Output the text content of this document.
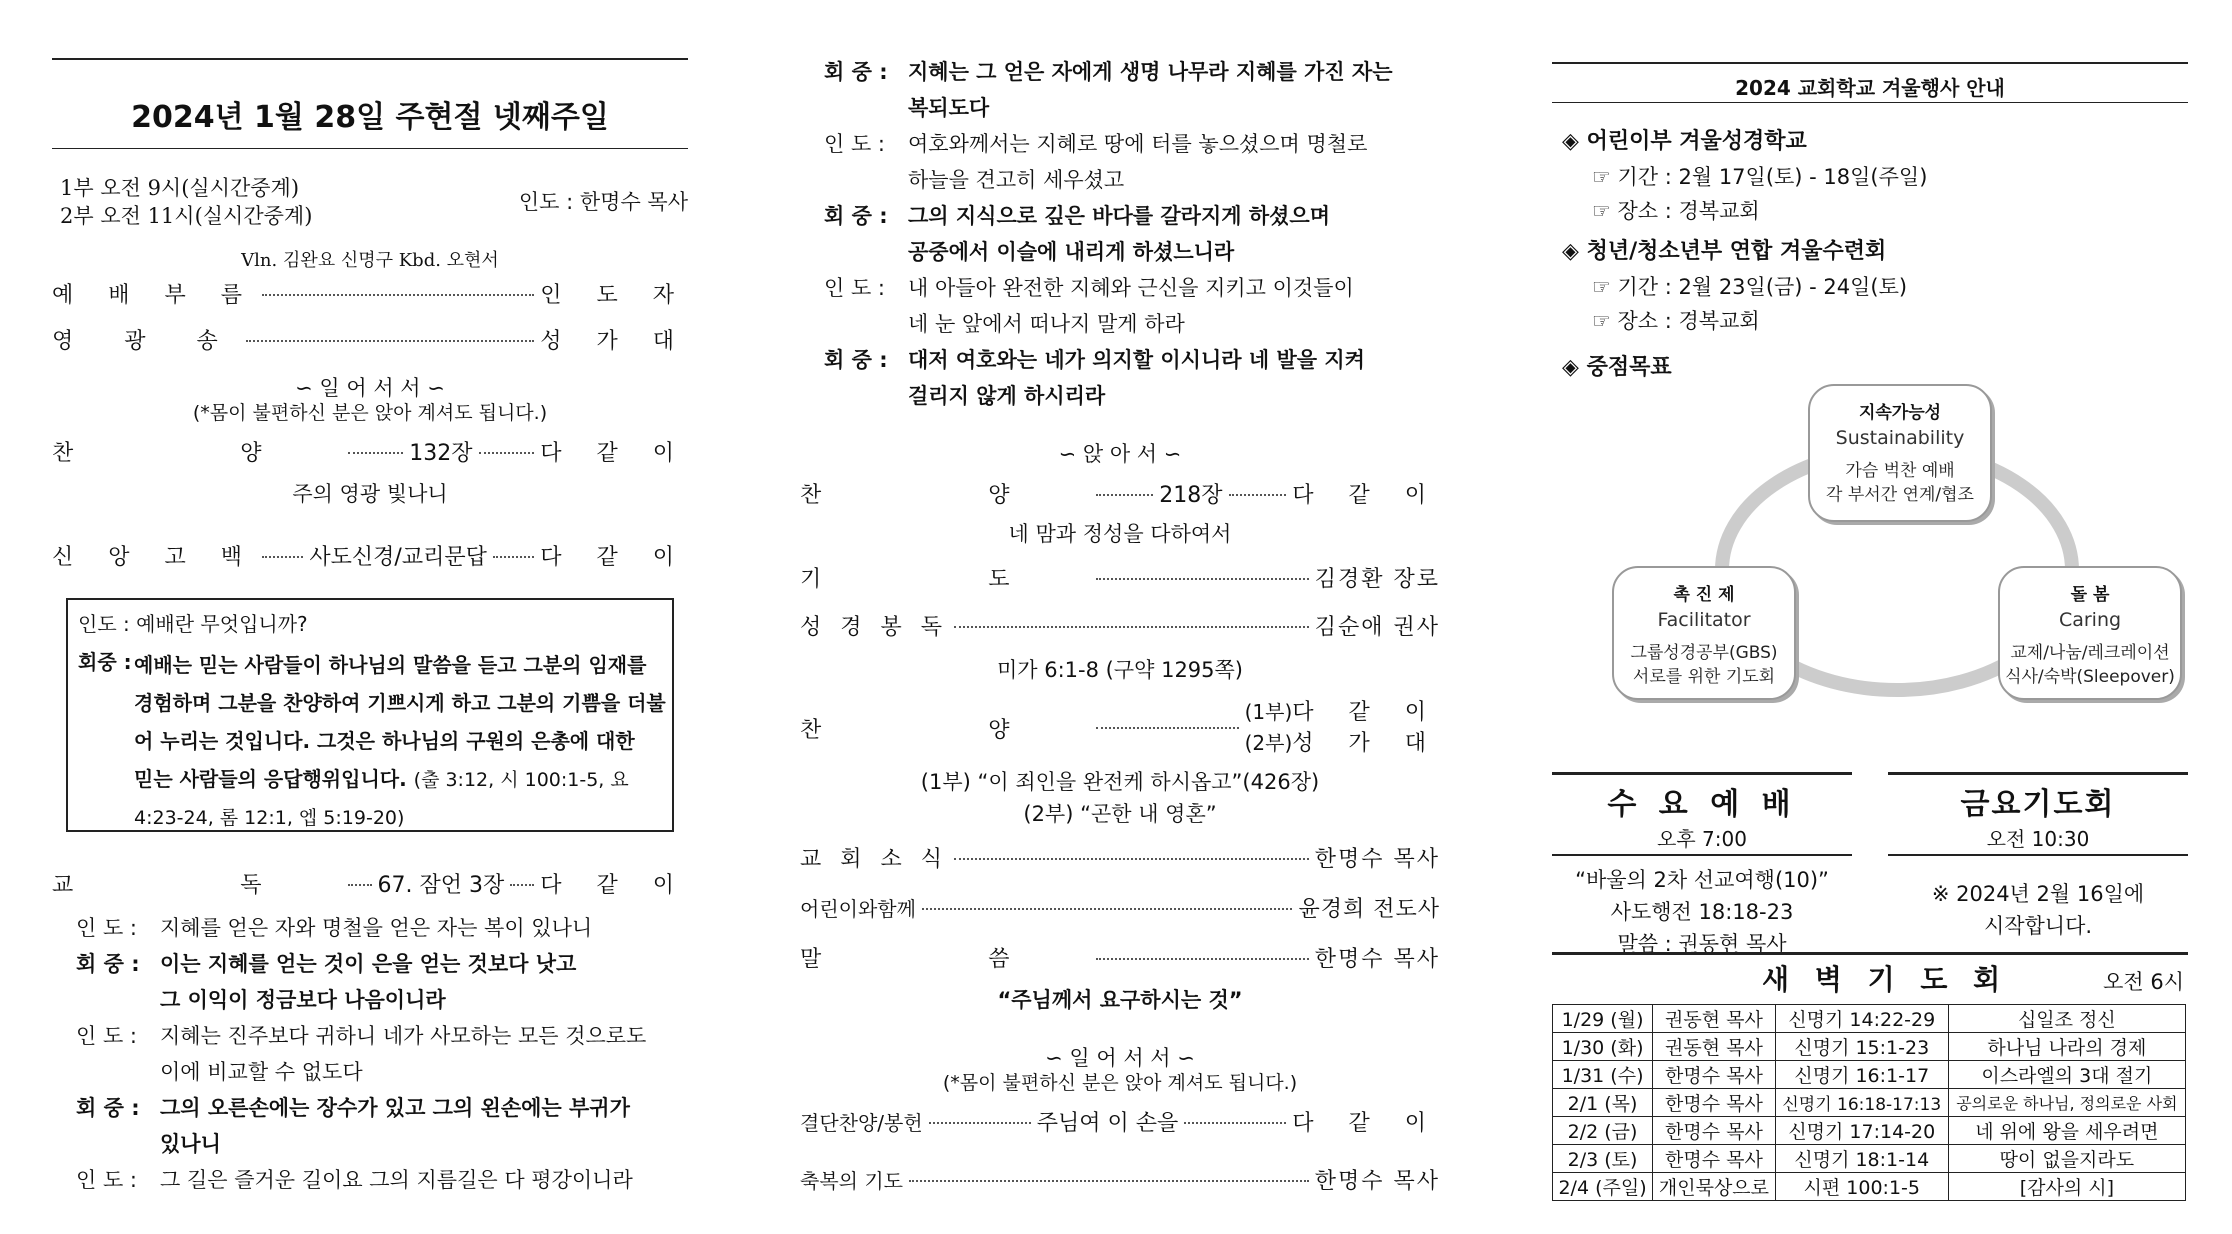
2024년 1월 28일 주현절 넷째주일
1부 오전 9시(실시간중계)
2부 오전 11시(실시간중계)
인도 : 한명수 목사
Vln. 김완요 신명구 Kbd. 오현서
예 배 부 름	인 도 자
영 광 송	성 가 대
∽ 일 어 서 서 ∽
(*몸이 불편하신 분은 앉아 계셔도 됩니다.)
찬 양	132장	다 같 이
주의 영광 빛나니
신 앙 고 백 사도신경/교리문답 다 같 이
인도 : 예배란 무엇입니까?
회중 : 예배는 믿는 사람들이 하나님의 말씀을 듣고 그분의 임재를
경험하며 그분을 찬양하여 기쁘시게 하고 그분의 기쁨을 더불
어 누리는 것입니다. 그것은 하나님의 구원의 은총에 대한
믿는 사람들의 응답행위입니다. (출 3:12, 시 100:1-5, 요
4:23-24, 롬 12:1, 엡 5:19-20)
교 독 67. 잠언 3장 다 같 이
인 도 : 지혜를 얻은 자와 명철을 얻은 자는 복이 있나니
회 중 : 이는 지혜를 얻는 것이 은을 얻는 것보다 낫고
그 이익이 정금보다 나음이니라
인 도 : 지혜는 진주보다 귀하니 네가 사모하는 모든 것으로도
이에 비교할 수 없도다
회 중 : 그의 오른손에는 장수가 있고 그의 왼손에는 부귀가
있나니
인 도 : 그 길은 즐거운 길이요 그의 지름길은 다 평강이니라
회 중 : 지혜는 그 얻은 자에게 생명 나무라 지혜를 가진 자는
복되도다
인 도 : 여호와께서는 지혜로 땅에 터를 놓으셨으며 명철로
하늘을 견고히 세우셨고
회 중 : 그의 지식으로 깊은 바다를 갈라지게 하셨으며
공중에서 이슬에 내리게 하셨느니라
인 도 : 내 아들아 완전한 지혜와 근신을 지키고 이것들이
네 눈 앞에서 떠나지 말게 하라
회 중 : 대저 여호와는 네가 의지할 이시니라 네 발을 지켜
걸리지 않게 하시리라
∽ 앉 아 서 ∽
찬 양	218장	다 같 이
네 맘과 정성을 다하여서
기 도	김경환 장로
성 경 봉 독	김순애 권사
미가 6:1-8 (구약 1295쪽)
찬 양
(1부)다 같 이
(2부)성 가 대
(1부) “이 죄인을 완전케 하시옵고”(426장)
(2부) “곤한 내 영혼”
교 회 소 식	한명수 목사
어린이와함께	윤경희 전도사
말 씀	한명수 목사
“주님께서 요구하시는 것”
∽ 일 어 서 서 ∽
(*몸이 불편하신 분은 앉아 계셔도 됩니다.)
결단찬양/봉헌	주님여 이 손을	다 같 이
축복의 기도	한명수 목사
2024 교회학교 겨울행사 안내
◈ 어린이부 겨울성경학교
☞ 기간 : 2월 17일(토) - 18일(주일)
☞ 장소 : 경복교회
◈ 청년/청소년부 연합 겨울수련회
☞ 기간 : 2월 23일(금) - 24일(토)
☞ 장소 : 경복교회
◈ 중점목표
지속가능성
Sustainability
가슴 벅찬 예배
각 부서간 연계/협조
촉 진 제
Facilitator
그룹성경공부(GBS)
서로를 위한 기도회
돌 봄
Caring
교제/나눔/레크레이션
식사/숙박(Sleepover)
수 요 예 배
오후 7:00
“바울의 2차 선교여행(10)”
사도행전 18:18-23
말씀 : 권동현 목사
금요기도회
오전 10:30
※ 2024년 2월 16일에
시작합니다.
새 벽 기 도 회	오전 6시
1/29 (월)	권동현 목사	신명기 14:22-29	십일조 정신
1/30 (화)	권동현 목사	신명기 15:1-23	하나님 나라의 경제
1/31 (수)	한명수 목사	신명기 16:1-17	이스라엘의 3대 절기
2/1 (목)	한명수 목사	신명기 16:18-17:13	공의로운 하나님, 정의로운 사회
2/2 (금)	한명수 목사	신명기 17:14-20	네 위에 왕을 세우려면
2/3 (토)	한명수 목사	신명기 18:1-14	땅이 없을지라도
2/4 (주일)	개인묵상으로	시편 100:1-5	[감사의 시]
